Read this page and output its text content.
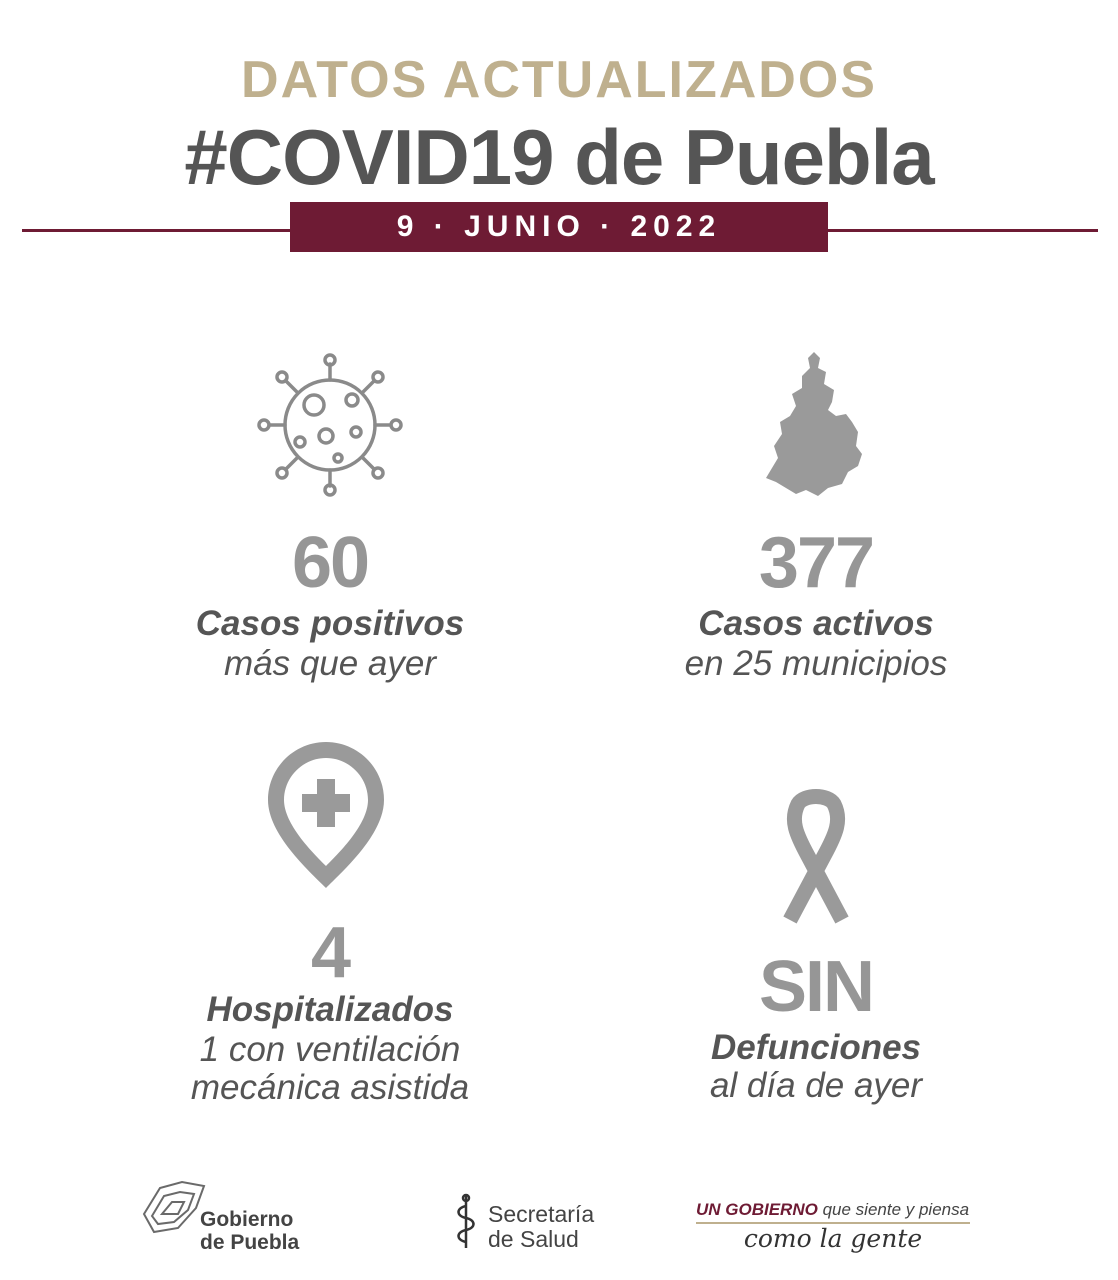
DATOS ACTUALIZADOS
#COVID19 de Puebla
9 · JUNIO · 2022
60
Casos positivos
más que ayer
377
Casos activos
en 25 municipios
4
Hospitalizados
1 con ventilación
mecánica asistida
SIN
Defunciones
al día de ayer
Gobierno
de Puebla
Secretaría
de Salud
UN GOBIERNO que siente y piensa
como la gente
